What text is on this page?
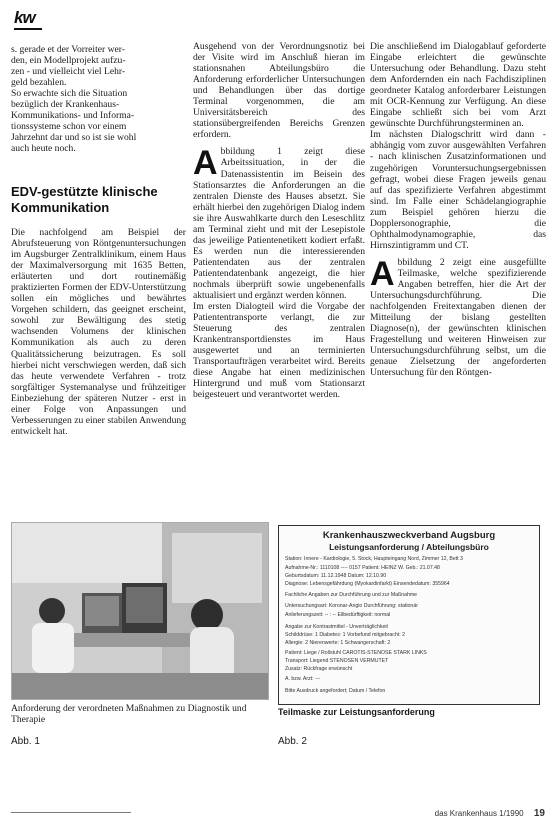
kw

s. gerade et der Vorreiter wer-

den, ein Modellprojekt aufzu-

zen - und vielleicht viel Lehr-

geld bezahlen.

So erwachte sich die Situation

bezüglich der Krankenhaus-

Kommunikations- und Informa-

tionssysteme schon vor einem

Jahrzehnt dar und so ist sie wohl

auch heute noch.

EDV-gestützte klinische Kommunikation

Die nachfolgend am Beispiel der Abrufsteuerung von Röntgenuntersuchungen im Augsburger Zentralklinikum, einem Haus der Maximalversorgung mit 1635 Betten, erläuterten und dort routinemäßig praktizierten Formen der EDV-Unterstützung sollen ein mögliches und bewährtes Vorgehen schildern, das geeignet erscheint, sowohl zur Bewältigung des stetig wachsenden Volumens der klinischen Kommunikation als auch zu deren Qualitätssicherung beizutragen. Es soll hierbei nicht verschwiegen werden, daß sich das heute verwendete Verfahren - trotz sorgfältiger Systemanalyse und frühzeitiger Einbeziehung der späteren Nutzer - erst in einer Folge von Anpassungen und Verbesserungen zu einer stabilen Anwendung entwickelt hat.

Ausgehend von der Verordnungsnotiz bei der Visite wird im Anschluß hieran im stationsnahen Abteilungsbüro die Anforderung erforderlicher Untersuchungen und Behandlungen über das dortige Terminal vorgenommen, die am Universitätsbereich des stationsübergreifenden Bereichs Grenzen erfordern.

Abbildung 1 zeigt diese Arbeitssituation, in der die Datenassistentin im Beisein des Stationsarztes die Anforderungen an die zentralen Dienste des Hauses absetzt. Sie erhält hierbei den zugehörigen Dialog indem sie ihre Auswahlkarte durch den Leseschlitz am Terminal zieht und mit der Lesepistole das jeweilige Patientenetikett kodiert erfaßt. Es werden nun die interessierenden Patientendaten aus der zentralen Patientendatenbank angezeigt, die hier nochmals überprüft sowie ungebenenfalls aktualisiert und ergänzt werden können.

Im ersten Dialogteil wird die Vorgabe der Patiententransporte verlangt, die zur Steuerung des zentralen Krankentransportdienstes im Haus ausgewertet und an terminierten Transportaufträgen verarbeitet wird. Bereits diese Angabe hat einen medizinischen Hintergrund und muß vom Stationsarzt beigesteuert und verantwortet werden.

Die anschließend im Dialogablauf geforderte Eingabe erleichtert die gewünschte Untersuchung oder Behandlung. Dazu steht dem Anfordernden ein nach Fachdisziplinen geordneter Katalog anforderbarer Leistungen mit OCR-Kennung zur Verfügung. An diese Eingabe schließt sich bei vom Arzt gewünschte Durchführungsterminen an.

Im nächsten Dialogschritt wird dann - abhängig vom zuvor ausgewählten Verfahren - nach klinischen Zusatzinformationen und zugehörigen Voruntersuchungsergebnissen gefragt, wobei diese Fragen jeweils genau auf das spezifizierte Verfahren abgestimmt sind. Im Falle einer Schädelangiographie zum Beispiel gehören hierzu die Dopplersonographie, die Ophthalmodynamographie, das Hirnszintigramm und CT.

Abbildung 2 zeigt eine ausgefüllte Teilmaske, welche spezifizierende Angaben betreffen, hier die Art der Untersuchungsdurchführung. Die nachfolgenden Freitextangaben dienen der Mitteilung der bislang gestellten Diagnose(n), der gewünschten klinischen Fragestellung und weiteren Hinweisen zur Untersuchungsdurchführung selbst, um die genaue Zielsetzung der angeforderten Untersuchung für den Röntgen-

Anforderung der verordneten Maßnahmen zu Diagnostik und Therapie
Abb. 1
Krankenhauszweckverband Augsburg
Leistungsanforderung / Abteilungsbüro
Station: Innere - Kardiologie, 5. Stock, Haupteingang Nord, Zimmer 12, Bett 3
Aufnahme-Nr.: 1110108 ---- 0157 Patient: HEINZ W. Geb.: 21.07.48
Geburtsdatum: 11.12.1948 Datum: 12.10.90
Diagnose: Lebensgefährdung (Myokardinfarkt) Einsendedatum: 355964
Fachliche Angaben zur Durchführung und zur Maßnahme
Untersuchungsart: Koronar-Angio Durchführung: stationär
Anlieferungszeit: -- : -- Eilbedürftigkeit: normal
Angabe zur Kontrastmittel - Unverträglichkeit
Schilddrüse: 1 Diabetes: 1 Vorbefund mitgebracht: 2
Allergie: 2 Nierenwerte: 1 Schwangerschaft: 2
Patient: Liege / Rollstuhl CAROTIS-STENOSE STARK LINKS
Transport: Liegend STENOSEN VERMUTET
Zusatz: Rückfrage erwünscht
A. bzw. Arzt: ---
Bitte Ausdruck angefordert; Datum / Telefon
Teilmaske zur Leistungsanforderung
Abb. 2
das Krankenhaus 1/1990 19
